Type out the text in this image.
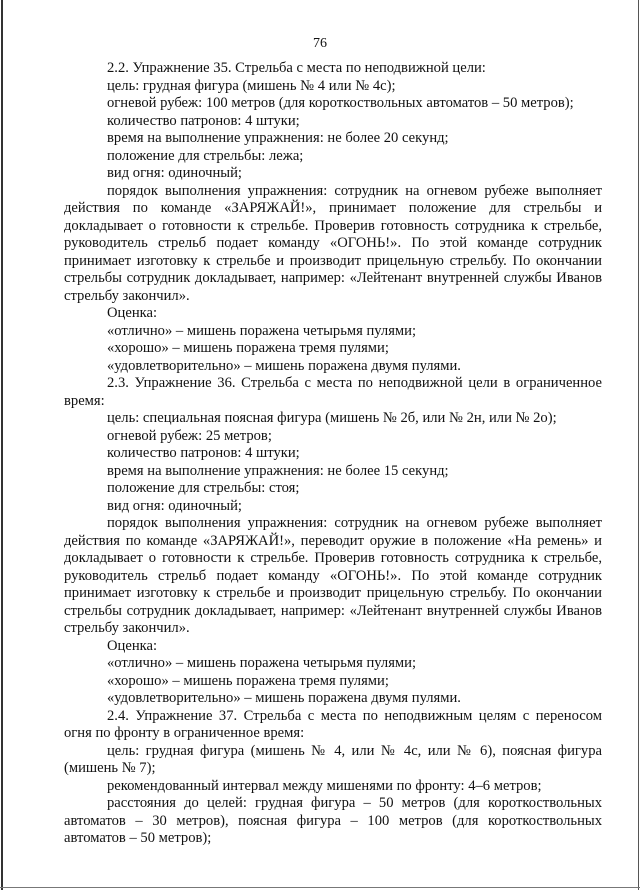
76

2.2. Упражнение 35. Стрельба с места по неподвижной цели:

цель: грудная фигура (мишень № 4 или № 4с);

огневой рубеж: 100 метров (для короткоствольных автоматов – 50 метров);

количество патронов: 4 штуки;

время на выполнение упражнения: не более 20 секунд;

положение для стрельбы: лежа;

вид огня: одиночный;

порядок выполнения упражнения: сотрудник на огневом рубеже выполняет действия по команде «ЗАРЯЖАЙ!», принимает положение для стрельбы и докладывает о готовности к стрельбе. Проверив готовность сотрудника к стрельбе, руководитель стрельб подает команду «ОГОНЬ!». По этой команде сотрудник принимает изготовку к стрельбе и производит прицельную стрельбу. По окончании стрельбы сотрудник докладывает, например: «Лейтенант внутренней службы Иванов стрельбу закончил».

Оценка:

«отлично» – мишень поражена четырьмя пулями;

«хорошо» – мишень поражена тремя пулями;

«удовлетворительно» – мишень поражена двумя пулями.

2.3. Упражнение 36. Стрельба с места по неподвижной цели в ограниченное время:

цель: специальная поясная фигура (мишень № 2б, или № 2н, или № 2о);

огневой рубеж: 25 метров;

количество патронов: 4 штуки;

время на выполнение упражнения: не более 15 секунд;

положение для стрельбы: стоя;

вид огня: одиночный;

порядок выполнения упражнения: сотрудник на огневом рубеже выполняет действия по команде «ЗАРЯЖАЙ!», переводит оружие в положение «На ремень» и докладывает о готовности к стрельбе. Проверив готовность сотрудника к стрельбе, руководитель стрельб подает команду «ОГОНЬ!». По этой команде сотрудник принимает изготовку к стрельбе и производит прицельную стрельбу. По окончании стрельбы сотрудник докладывает, например: «Лейтенант внутренней службы Иванов стрельбу закончил».

Оценка:

«отлично» – мишень поражена четырьмя пулями;

«хорошо» – мишень поражена тремя пулями;

«удовлетворительно» – мишень поражена двумя пулями.

2.4. Упражнение 37. Стрельба с места по неподвижным целям с переносом огня по фронту в ограниченное время:

цель: грудная фигура (мишень № 4, или № 4с, или № 6), поясная фигура (мишень № 7);

рекомендованный интервал между мишенями по фронту: 4–6 метров;

расстояния до целей: грудная фигура – 50 метров (для короткоствольных автоматов – 30 метров), поясная фигура – 100 метров (для короткоствольных автоматов – 50 метров);
